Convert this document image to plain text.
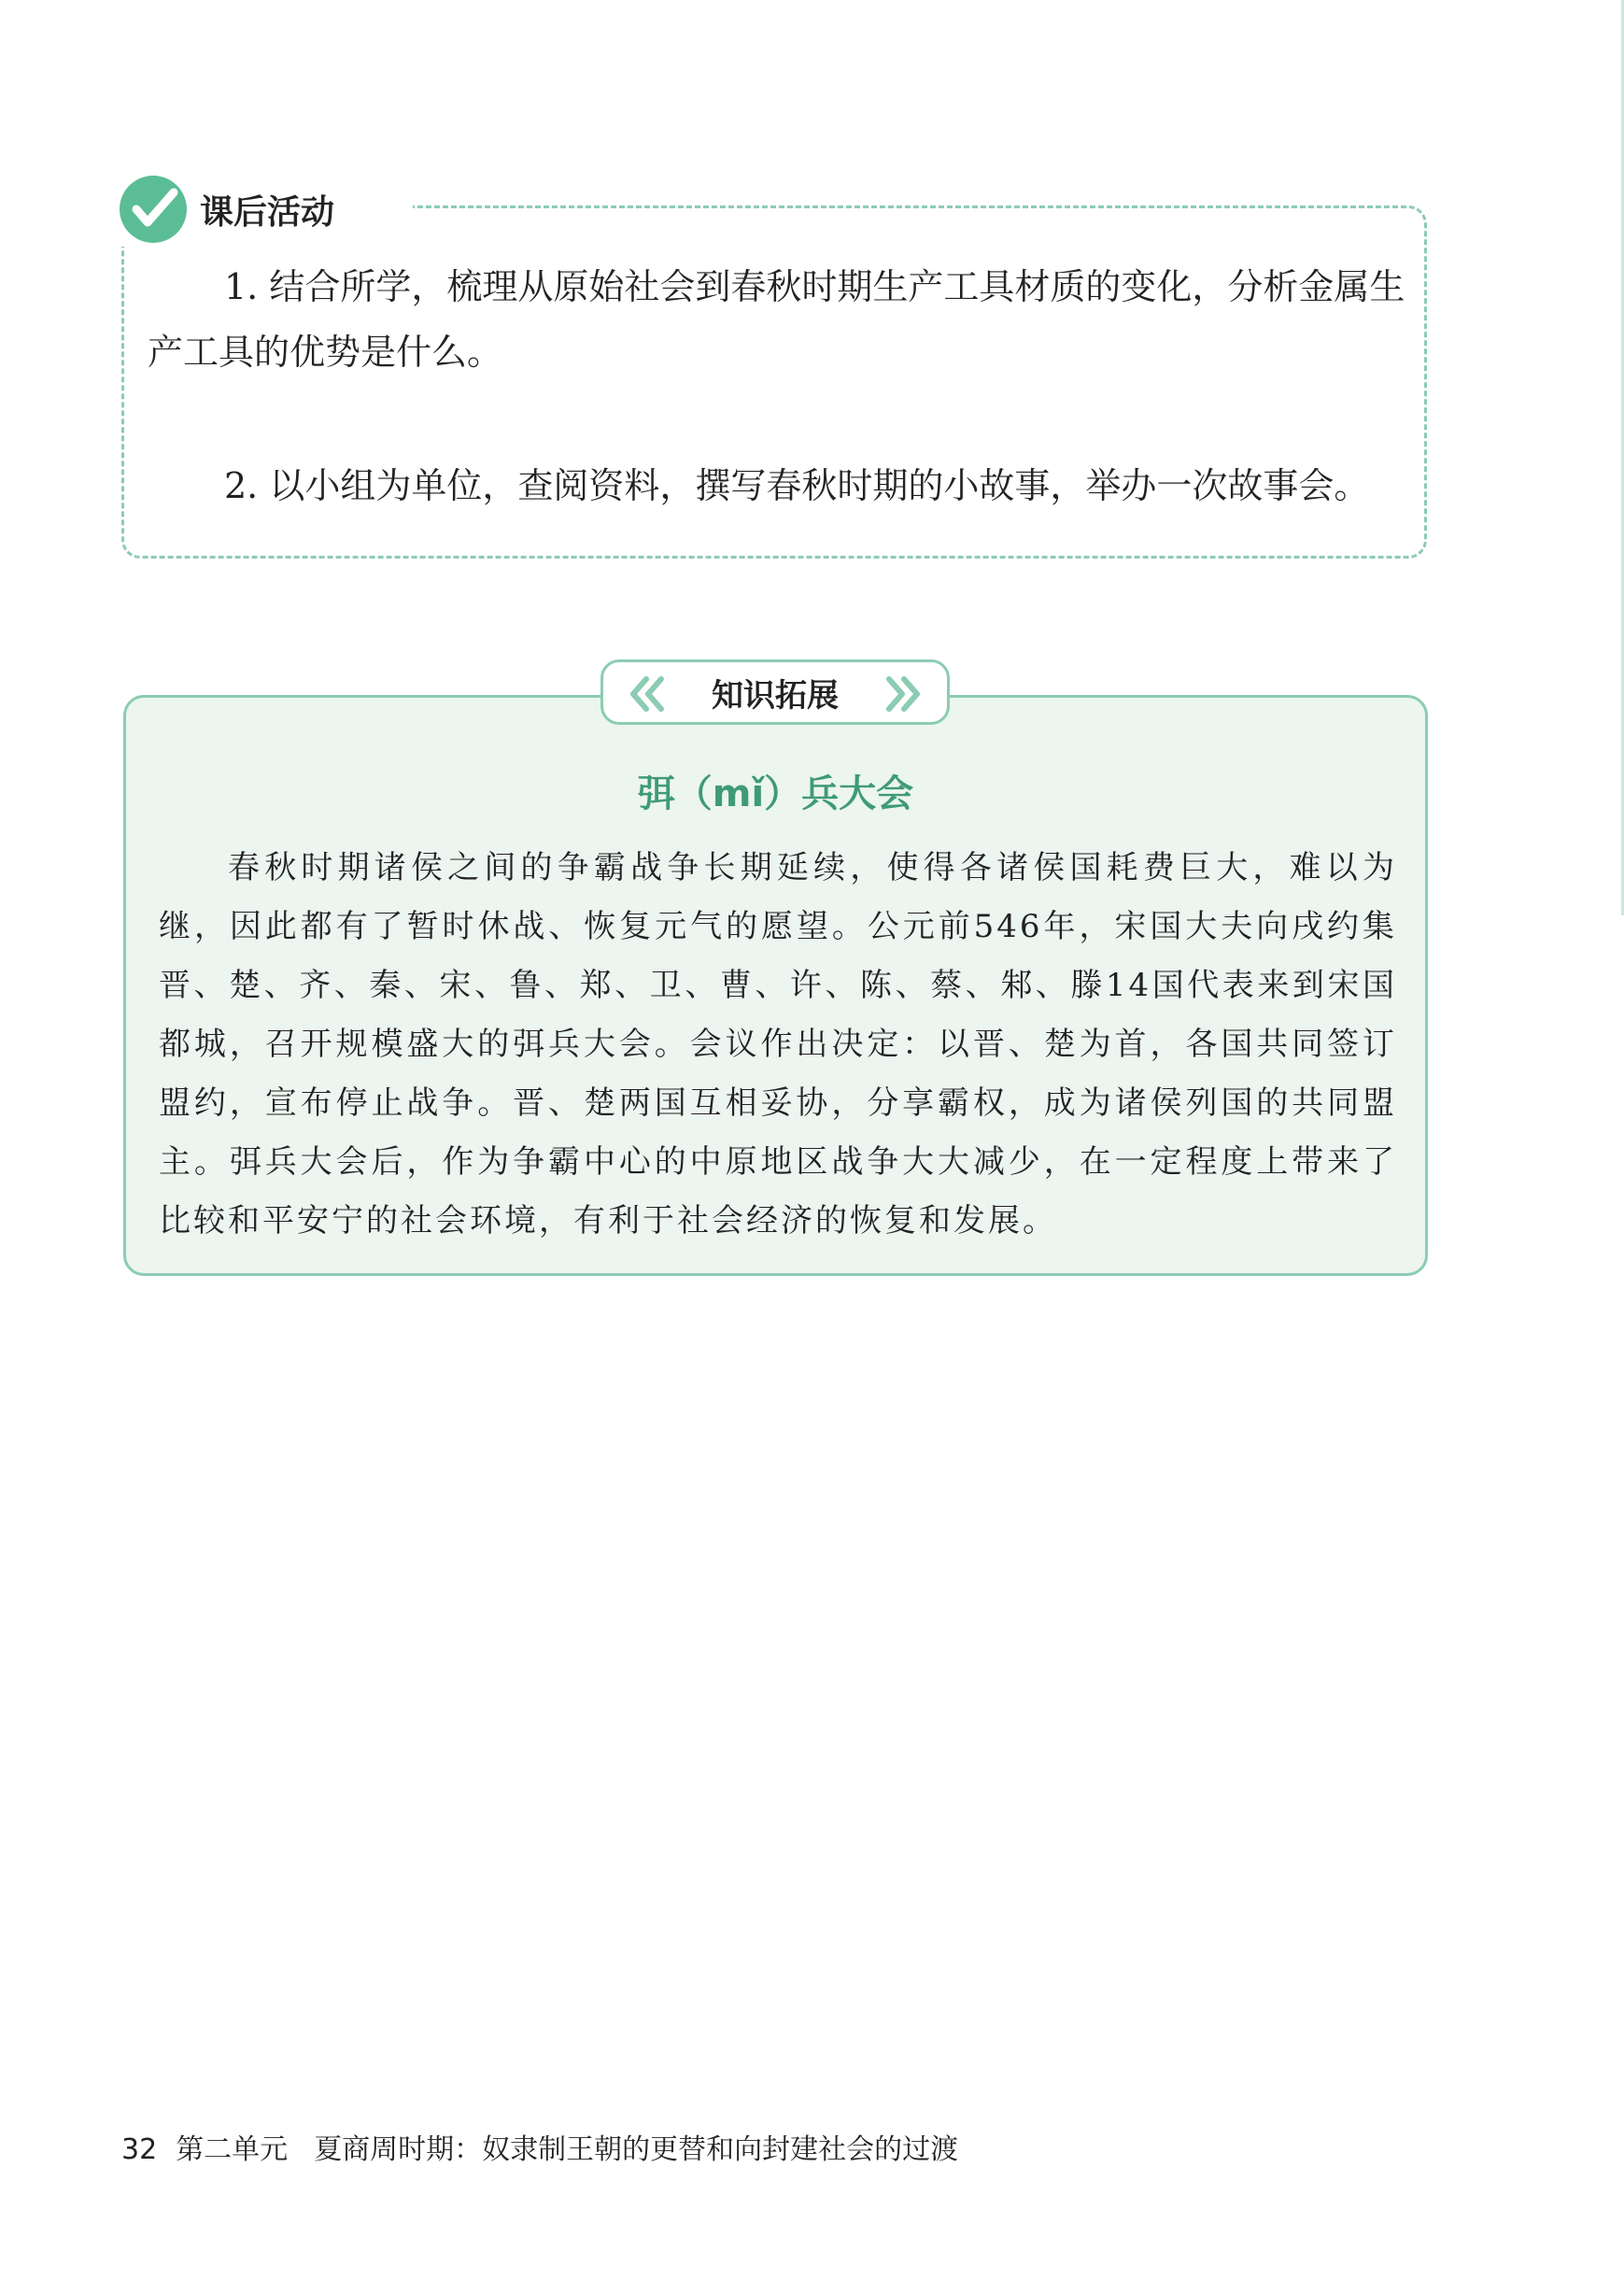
课后活动
1. 结合所学，梳理从原始社会到春秋时期生产工具材质的变化，分析金属生产工具的优势是什么。
2. 以小组为单位，查阅资料，撰写春秋时期的小故事，举办一次故事会。
知识拓展
弭（mǐ）兵大会
春秋时期诸侯之间的争霸战争长期延续，使得各诸侯国耗费巨大，难以为继，因此都有了暂时休战、恢复元气的愿望。公元前546年，宋国大夫向戌约集晋、楚、齐、秦、宋、鲁、郑、卫、曹、许、陈、蔡、邾、滕14国代表来到宋国都城，召开规模盛大的弭兵大会。会议作出决定：以晋、楚为首，各国共同签订盟约，宣布停止战争。晋、楚两国互相妥协，分享霸权，成为诸侯列国的共同盟主。弭兵大会后，作为争霸中心的中原地区战争大大减少，在一定程度上带来了比较和平安宁的社会环境，有利于社会经济的恢复和发展。
32 第二单元 夏商周时期：奴隶制王朝的更替和向封建社会的过渡
